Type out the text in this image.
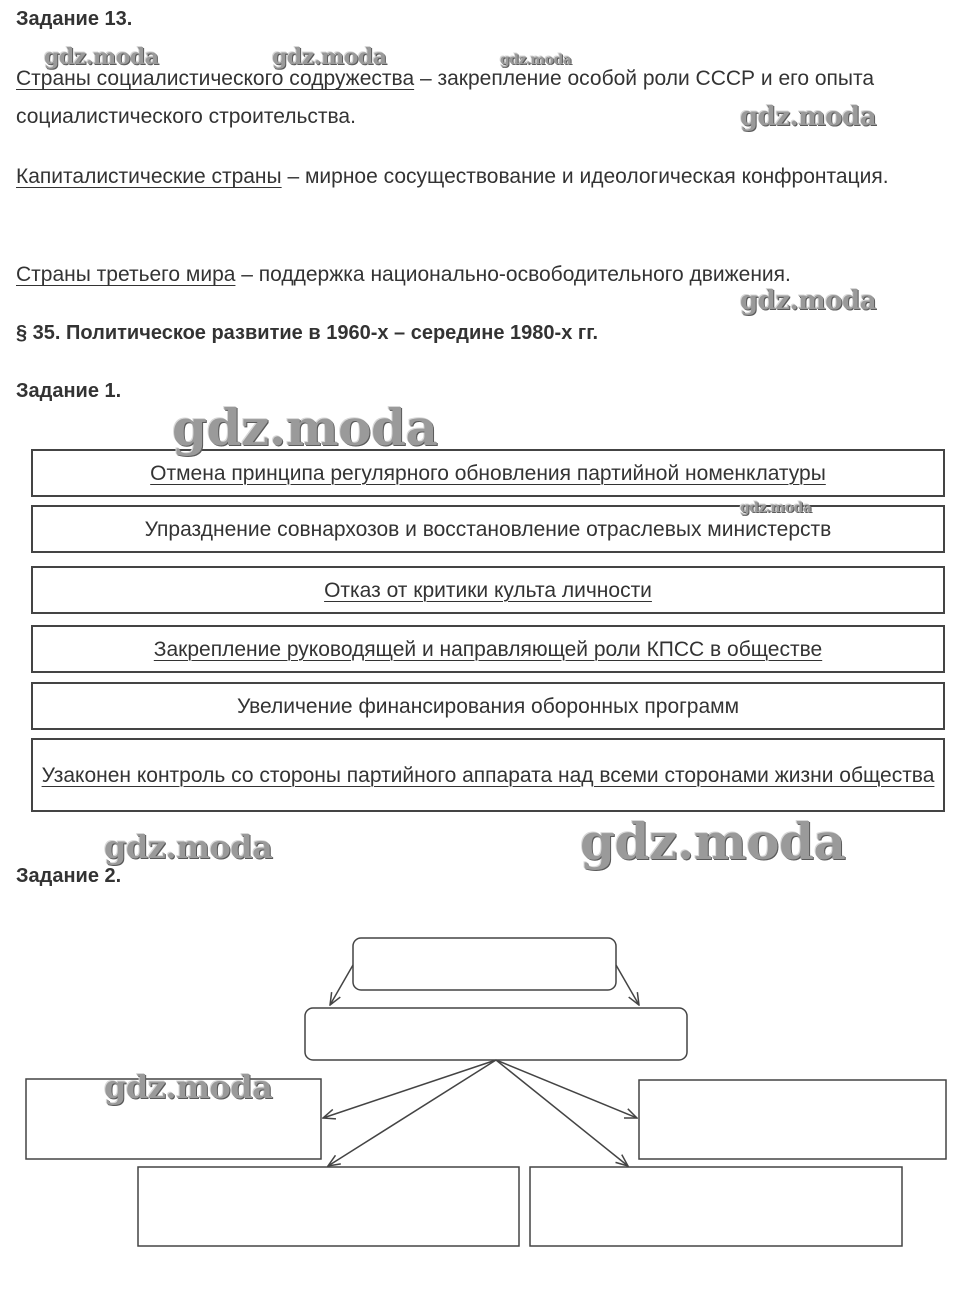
Задание 13.

Страны социалистического содружества – закрепление особой роли СССР и его опыта социалистического строительства.

Капиталистические страны – мирное сосуществование и идеологическая конфронтация.

Страны третьего мира – поддержка национально-освободительного движения.

§ 35. Политическое развитие в 1960-х – середине 1980-х гг.
Задание 1.
Отмена принципа регулярного обновления партийной номенклатуры
Упразднение совнархозов и восстановление отраслевых министерств
Отказ от критики культа личности
Закрепление руководящей и направляющей роли КПСС в обществе
Увеличение финансирования оборонных программ
Узаконен контроль со стороны партийного аппарата над всеми сторонами жизни общества
Задание 2.
gdz.moda	gdz.moda	gdz.moda
gdz.moda
gdz.moda
gdz.moda
gdz.moda
gdz.moda	gdz.moda
gdz.moda
